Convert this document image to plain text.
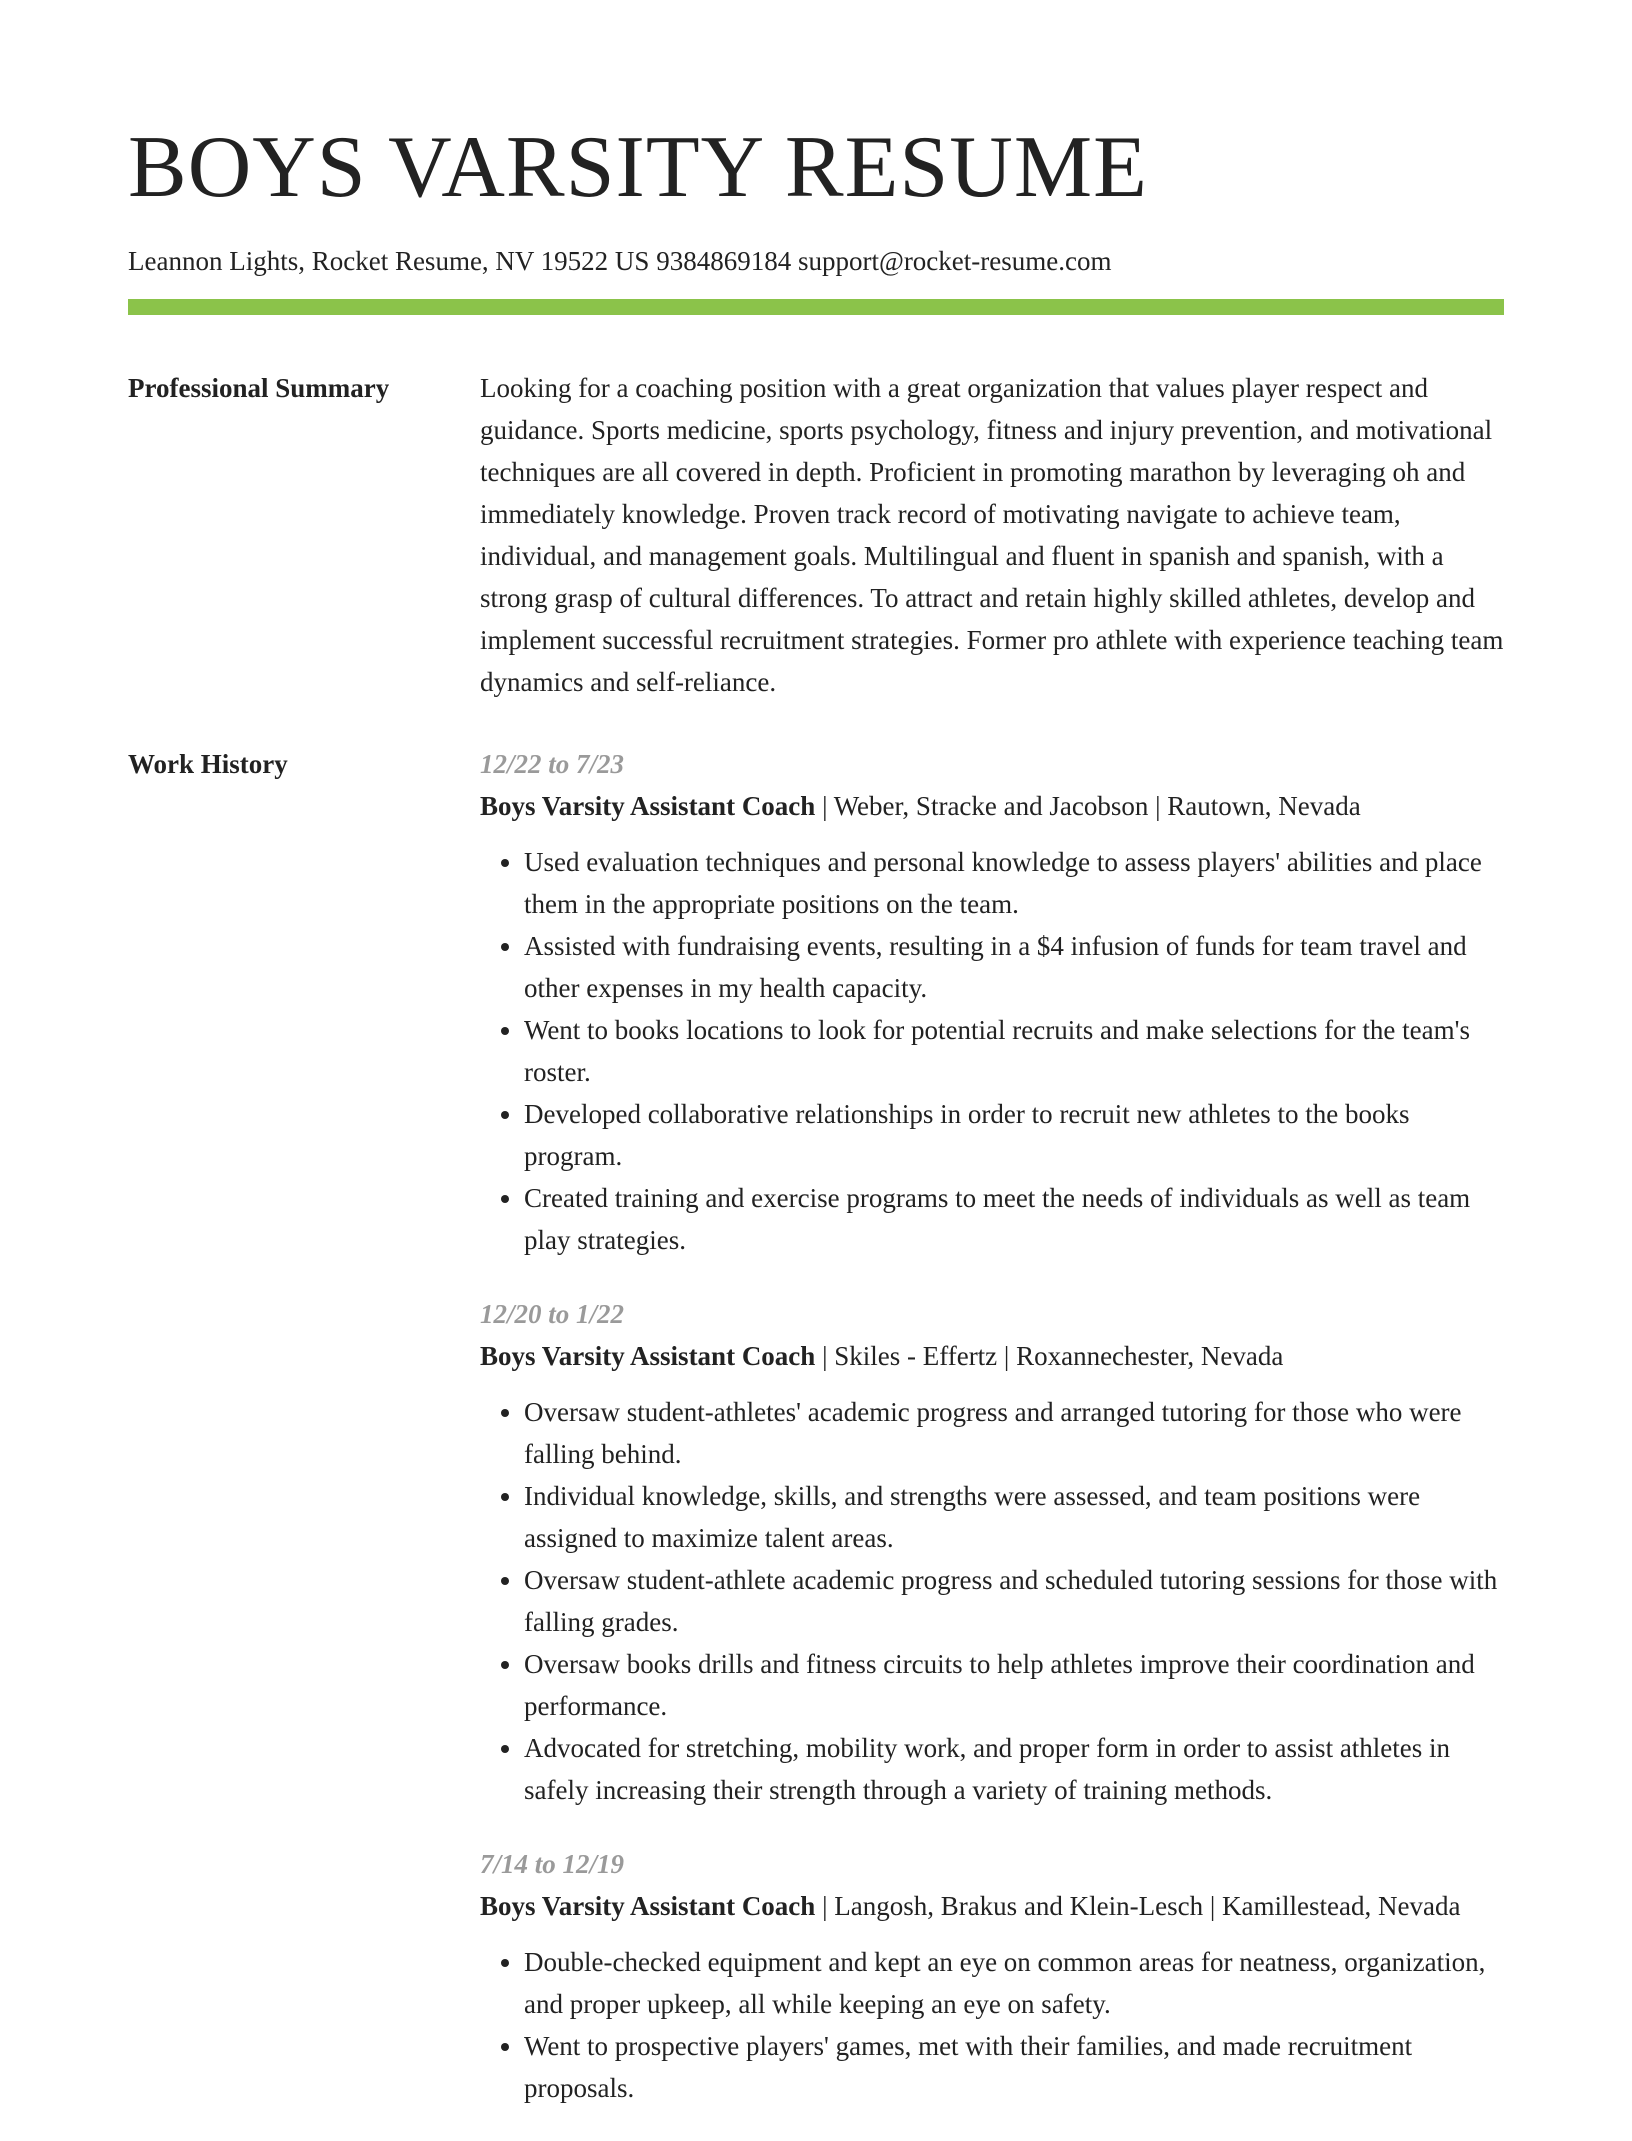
BOYS VARSITY RESUME
Leannon Lights, Rocket Resume, NV 19522 US 9384869184 support@rocket-resume.com
Professional Summary	Looking for a coaching position with a great organization that values player respect and guidance. Sports medicine, sports psychology, fitness and injury prevention, and motivational techniques are all covered in depth. Proficient in promoting marathon by leveraging oh and immediately knowledge. Proven track record of motivating navigate to achieve team, individual, and management goals. Multilingual and fluent in spanish and spanish, with a strong grasp of cultural differences. To attract and retain highly skilled athletes, develop and implement successful recruitment strategies. Former pro athlete with experience teaching team dynamics and self-reliance.

Work History	12/22 to 7/23
Boys Varsity Assistant Coach | Weber, Stracke and Jacobson | Rautown, Nevada
• Used evaluation techniques and personal knowledge to assess players' abilities and place them in the appropriate positions on the team.
• Assisted with fundraising events, resulting in a $4 infusion of funds for team travel and other expenses in my health capacity.
• Went to books locations to look for potential recruits and make selections for the team's roster.
• Developed collaborative relationships in order to recruit new athletes to the books program.
• Created training and exercise programs to meet the needs of individuals as well as team play strategies.
12/20 to 1/22
Boys Varsity Assistant Coach | Skiles - Effertz | Roxannechester, Nevada
• Oversaw student-athletes' academic progress and arranged tutoring for those who were falling behind.
• Individual knowledge, skills, and strengths were assessed, and team positions were assigned to maximize talent areas.
• Oversaw student-athlete academic progress and scheduled tutoring sessions for those with falling grades.
• Oversaw books drills and fitness circuits to help athletes improve their coordination and performance.
• Advocated for stretching, mobility work, and proper form in order to assist athletes in safely increasing their strength through a variety of training methods.
7/14 to 12/19
Boys Varsity Assistant Coach | Langosh, Brakus and Klein-Lesch | Kamillestead, Nevada
• Double-checked equipment and kept an eye on common areas for neatness, organization, and proper upkeep, all while keeping an eye on safety.
• Went to prospective players' games, met with their families, and made recruitment proposals.
